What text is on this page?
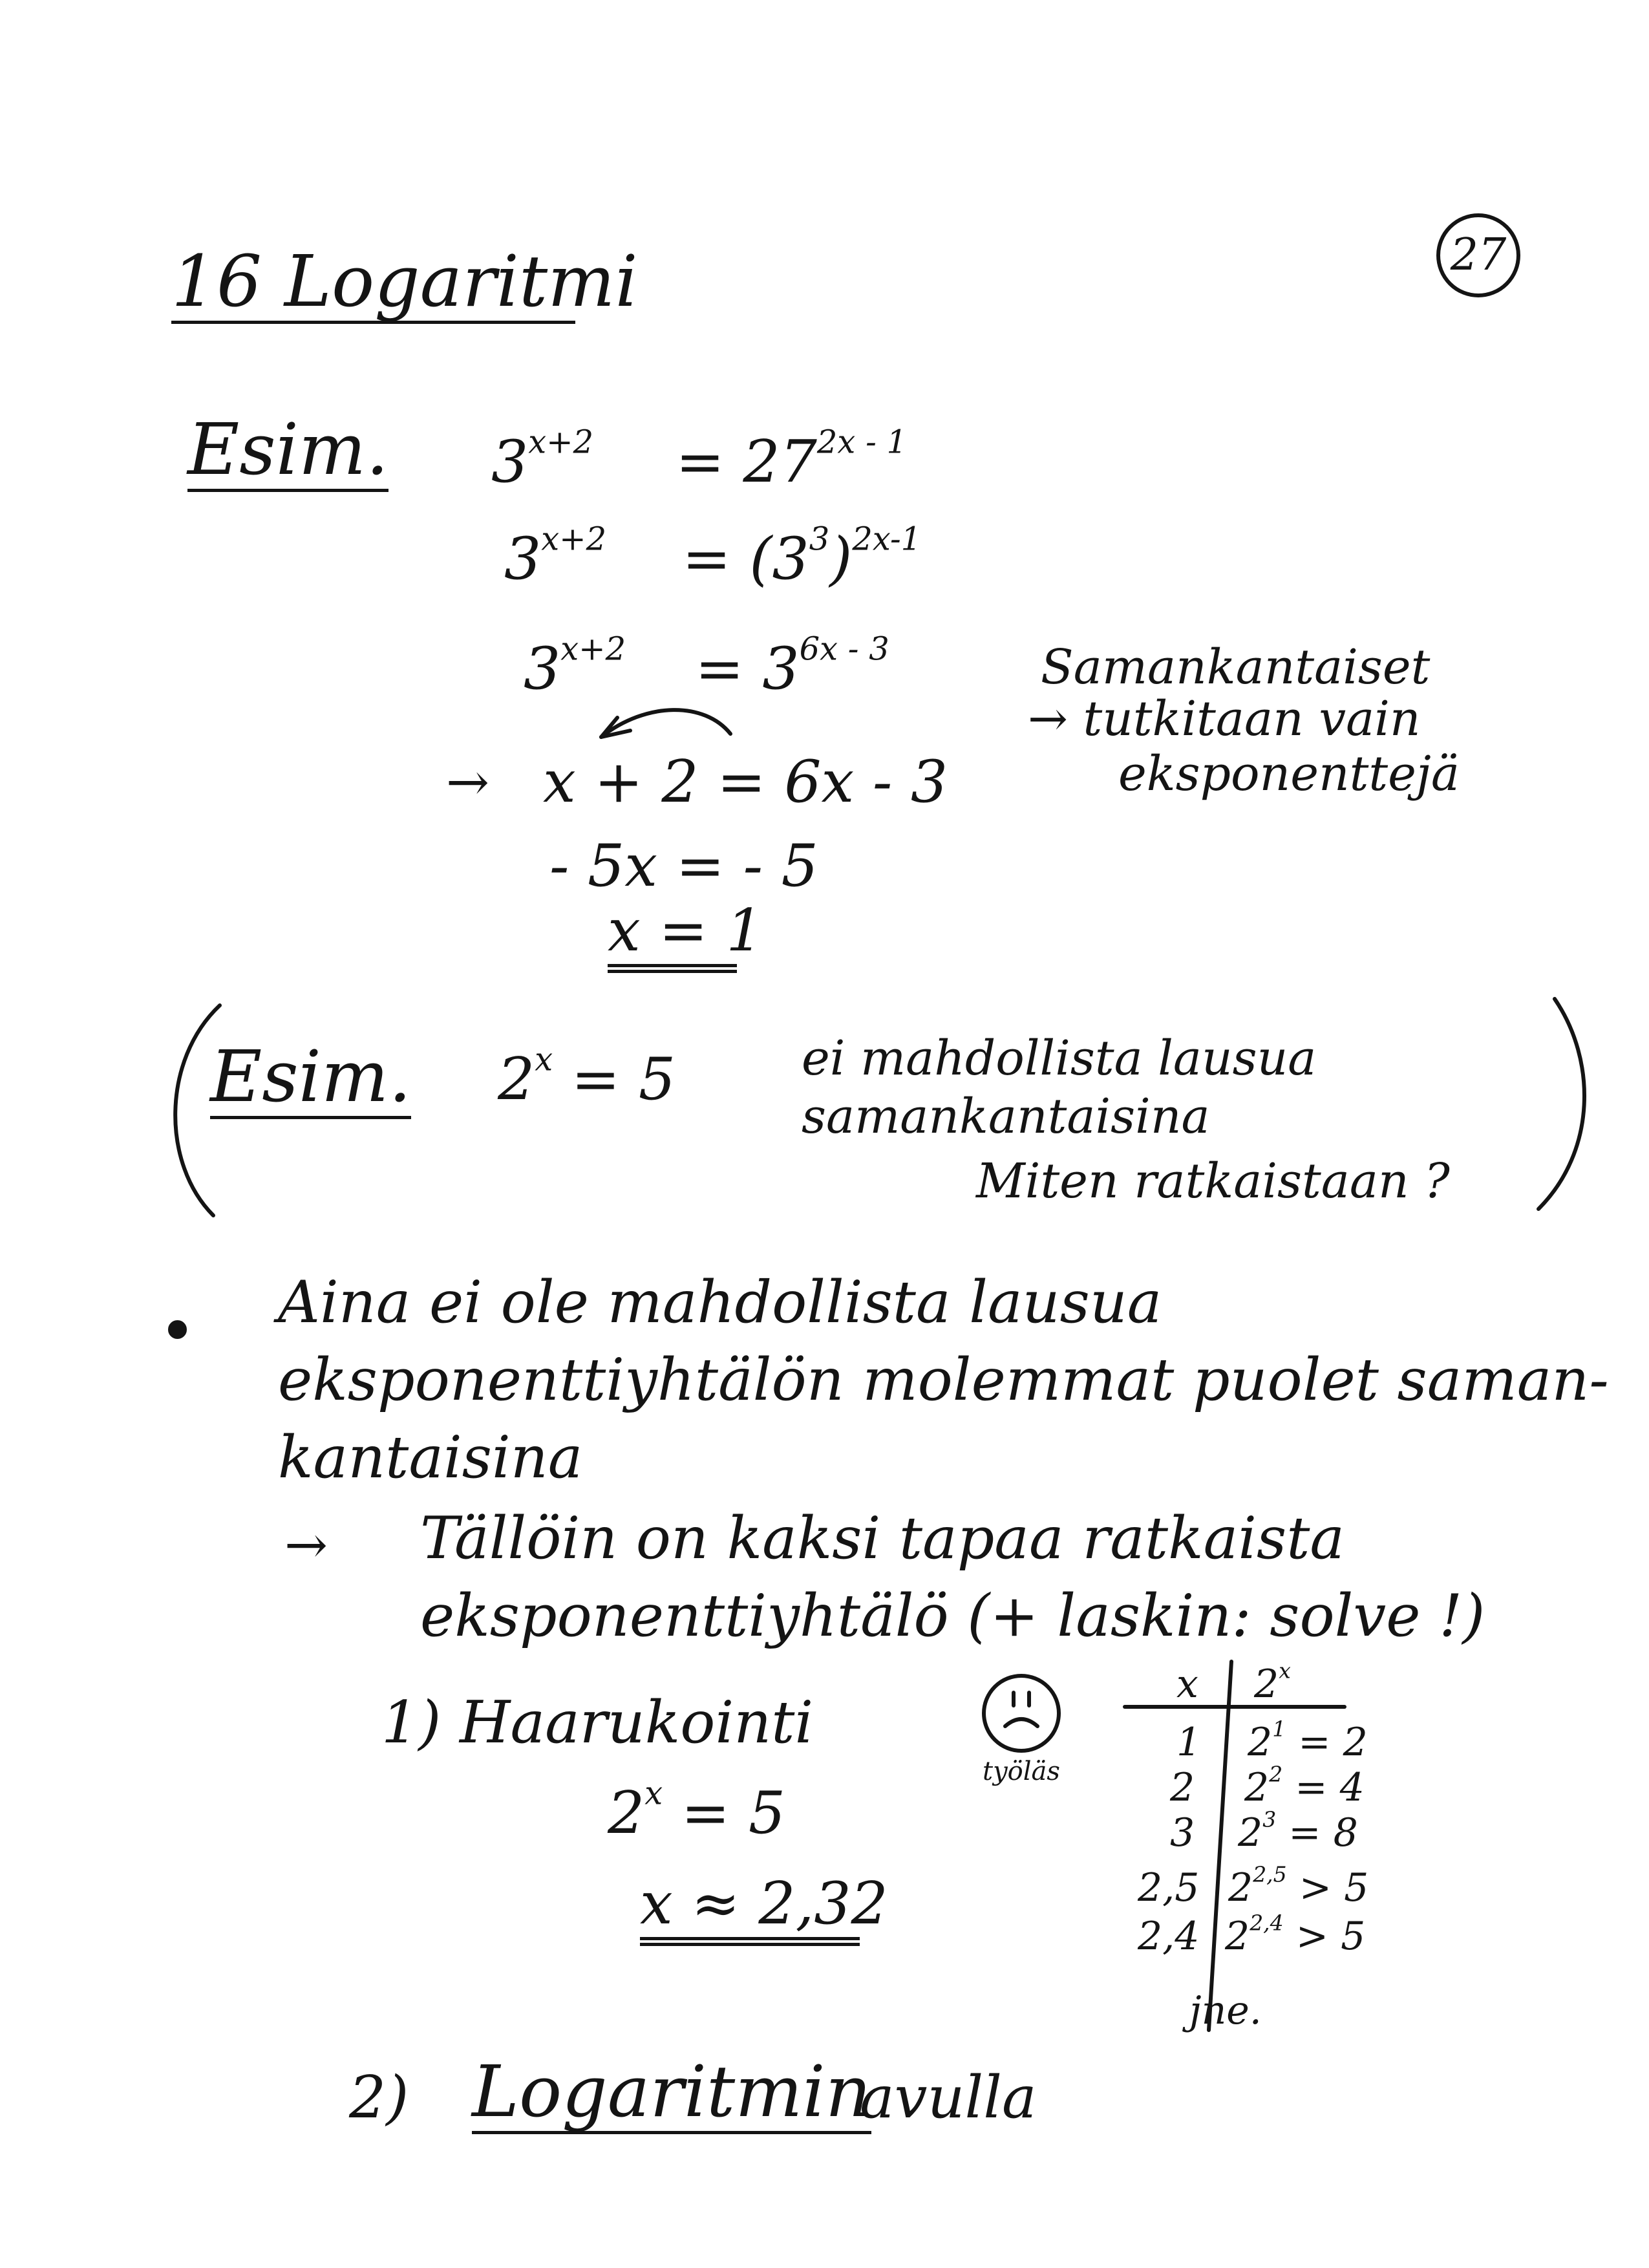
27
16 Logaritmi
Esim. $3^{x+2} = 27^{2x - 1}$
$3^{x+2} = (3^3)^{2x-1}$
$3^{x+2} = 3^{6x - 3}$
→ x + 2 = 6x - 3
- 5x = - 5
x = 1
Samankantaiset
→ tutkitaan vain
eksponenttejä
Esim. $2^x = 5$	ei mahdollista lausua
samankantaisina
Miten ratkaistaan ?
• Aina ei ole mahdollista lausua
eksponenttiyhtälön molemmat puolet saman-
kantaisina
→ Tällöin on kaksi tapaa ratkaista
eksponenttiyhtälö (+ laskin: solve !)
1) Haarukointi
$2^x = 5$
x ≈ 2,32
työläs
x 2$^x$
1 $2^1 = 2$
2 $2^2 = 4$
3 $2^3 = 8$
2,5 $2^{2,5} > 5$
2,4 $2^{2,4} > 5$
jne.
2) Logaritmin
avulla
